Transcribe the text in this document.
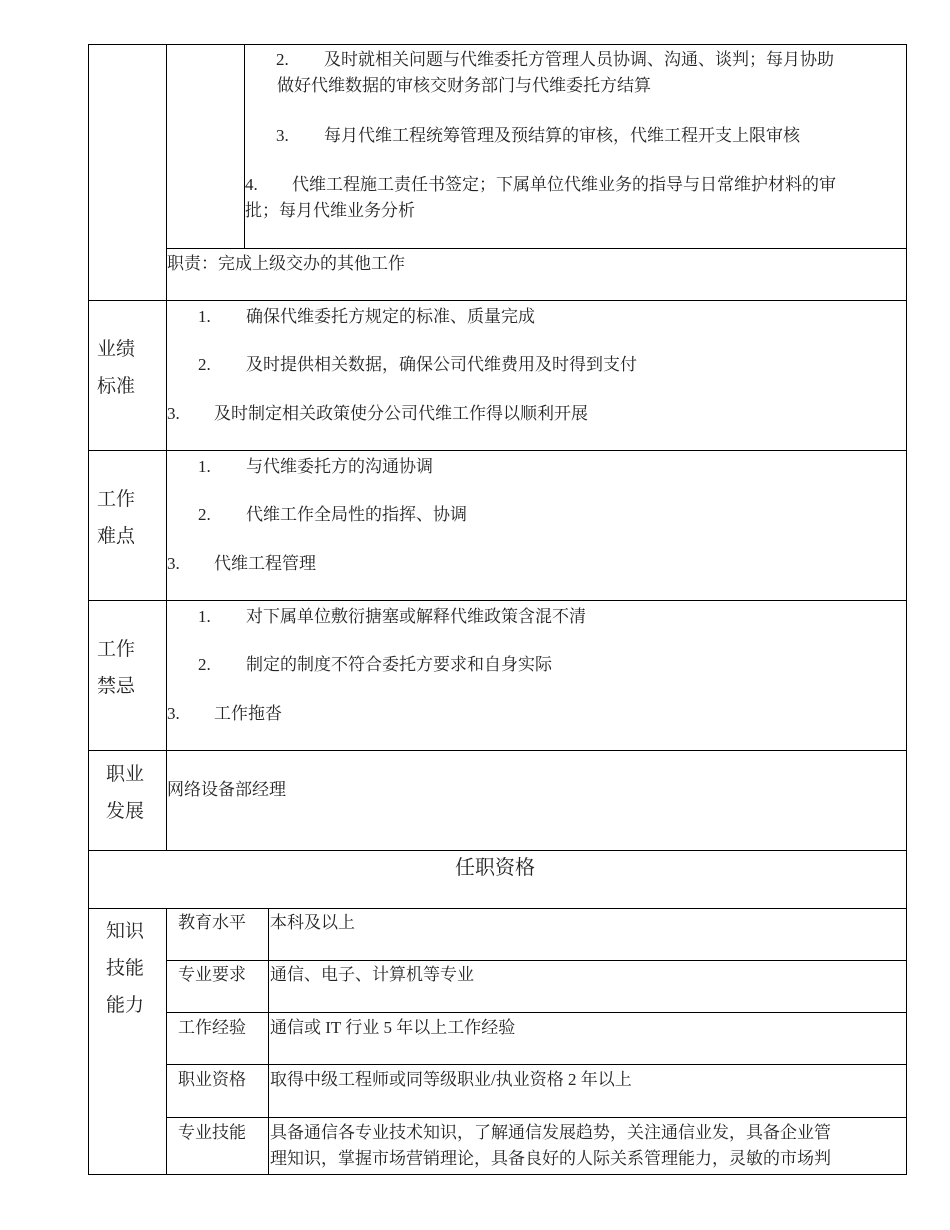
2. 及时就相关问题与代维委托方管理人员协调、沟通、谈判；每月协助
做好代维数据的审核交财务部门与代维委托方结算
3. 每月代维工程统筹管理及预结算的审核，代维工程开支上限审核
4. 代维工程施工责任书签定；下属单位代维业务的指导与日常维护材料的审
批；每月代维业务分析
职责：完成上级交办的其他工作
业绩
标准
1. 确保代维委托方规定的标准、质量完成
2. 及时提供相关数据，确保公司代维费用及时得到支付
3. 及时制定相关政策使分公司代维工作得以顺利开展
工作
难点
1. 与代维委托方的沟通协调
2. 代维工作全局性的指挥、协调
3. 代维工程管理
工作
禁忌
1. 对下属单位敷衍搪塞或解释代维政策含混不清
2. 制定的制度不符合委托方要求和自身实际
3. 工作拖沓
职业
发展
网络设备部经理
任职资格
知识
技能
能力
教育水平 本科及以上
专业要求 通信、电子、计算机等专业
工作经验 通信或 IT 行业 5 年以上工作经验
职业资格 取得中级工程师或同等级职业/执业资格 2 年以上
专业技能 具备通信各专业技术知识，了解通信发展趋势，关注通信业发，具备企业管
理知识，掌握市场营销理论，具备良好的人际关系管理能力，灵敏的市场判
